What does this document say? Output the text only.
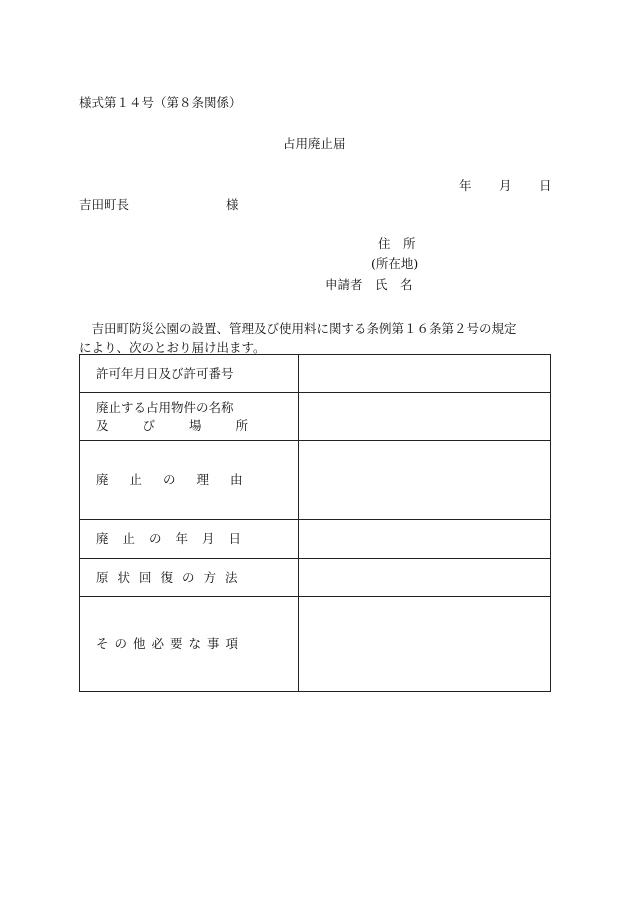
様式第１４号（第８条関係）
占用廃止届
年 月 日
吉田町長	様
住　所
(所在地)
申請者　氏　名
　吉田町防災公園の設置、管理及び使用料に関する条例第１６条第２号の規定
により、次のとおり届け出ます。
許可年月日及び許可番号	

廃止する占用物件の名称
及び場所	

廃止の理由	

廃止の年月日	

原状回復の方法	

その他必要な事項	
